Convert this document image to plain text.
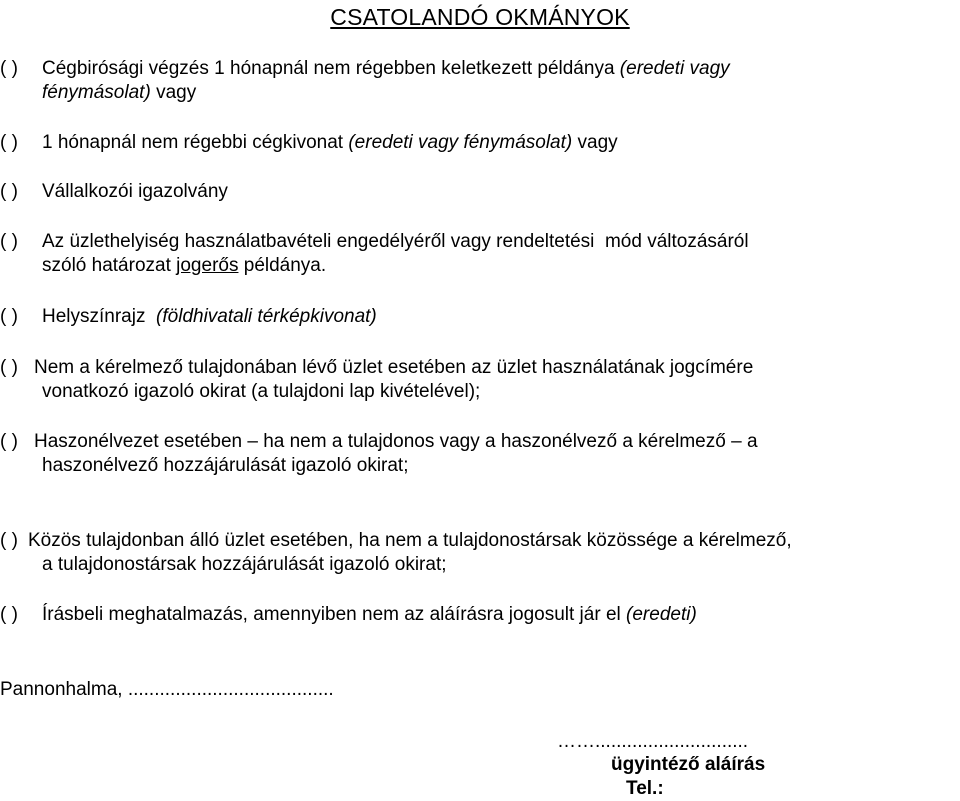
CSATOLANDÓ OKMÁNYOK
( ) Cégbirósági végzés 1 hónapnál nem régebben keletkezett példánya (eredeti vagy
fénymásolat) vagy
( ) 1 hónapnál nem régebbi cégkivonat (eredeti vagy fénymásolat) vagy
( ) Vállalkozói igazolvány
( ) Az üzlethelyiség használatbavételi engedélyéről vagy rendeltetési  mód változásáról
szóló határozat jogerős példánya.
( ) Helyszínrajz (földhivatali térképkivonat)
( ) Nem a kérelmező tulajdonában lévő üzlet esetében az üzlet használatának jogcímére
vonatkozó igazoló okirat (a tulajdoni lap kivételével);
( ) Haszonélvezet esetében – ha nem a tulajdonos vagy a haszonélvező a kérelmező – a
haszonélvező hozzájárulását igazoló okirat;
( ) Közös tulajdonban álló üzlet esetében, ha nem a tulajdonostársak közössége a kérelmező,
a tulajdonostársak hozzájárulását igazoló okirat;
( ) Írásbeli meghatalmazás, amennyiben nem az aláírásra jogosult jár el (eredeti)
Pannonhalma, .......................................
…….............................
ügyintéző aláírás
Tel.:
